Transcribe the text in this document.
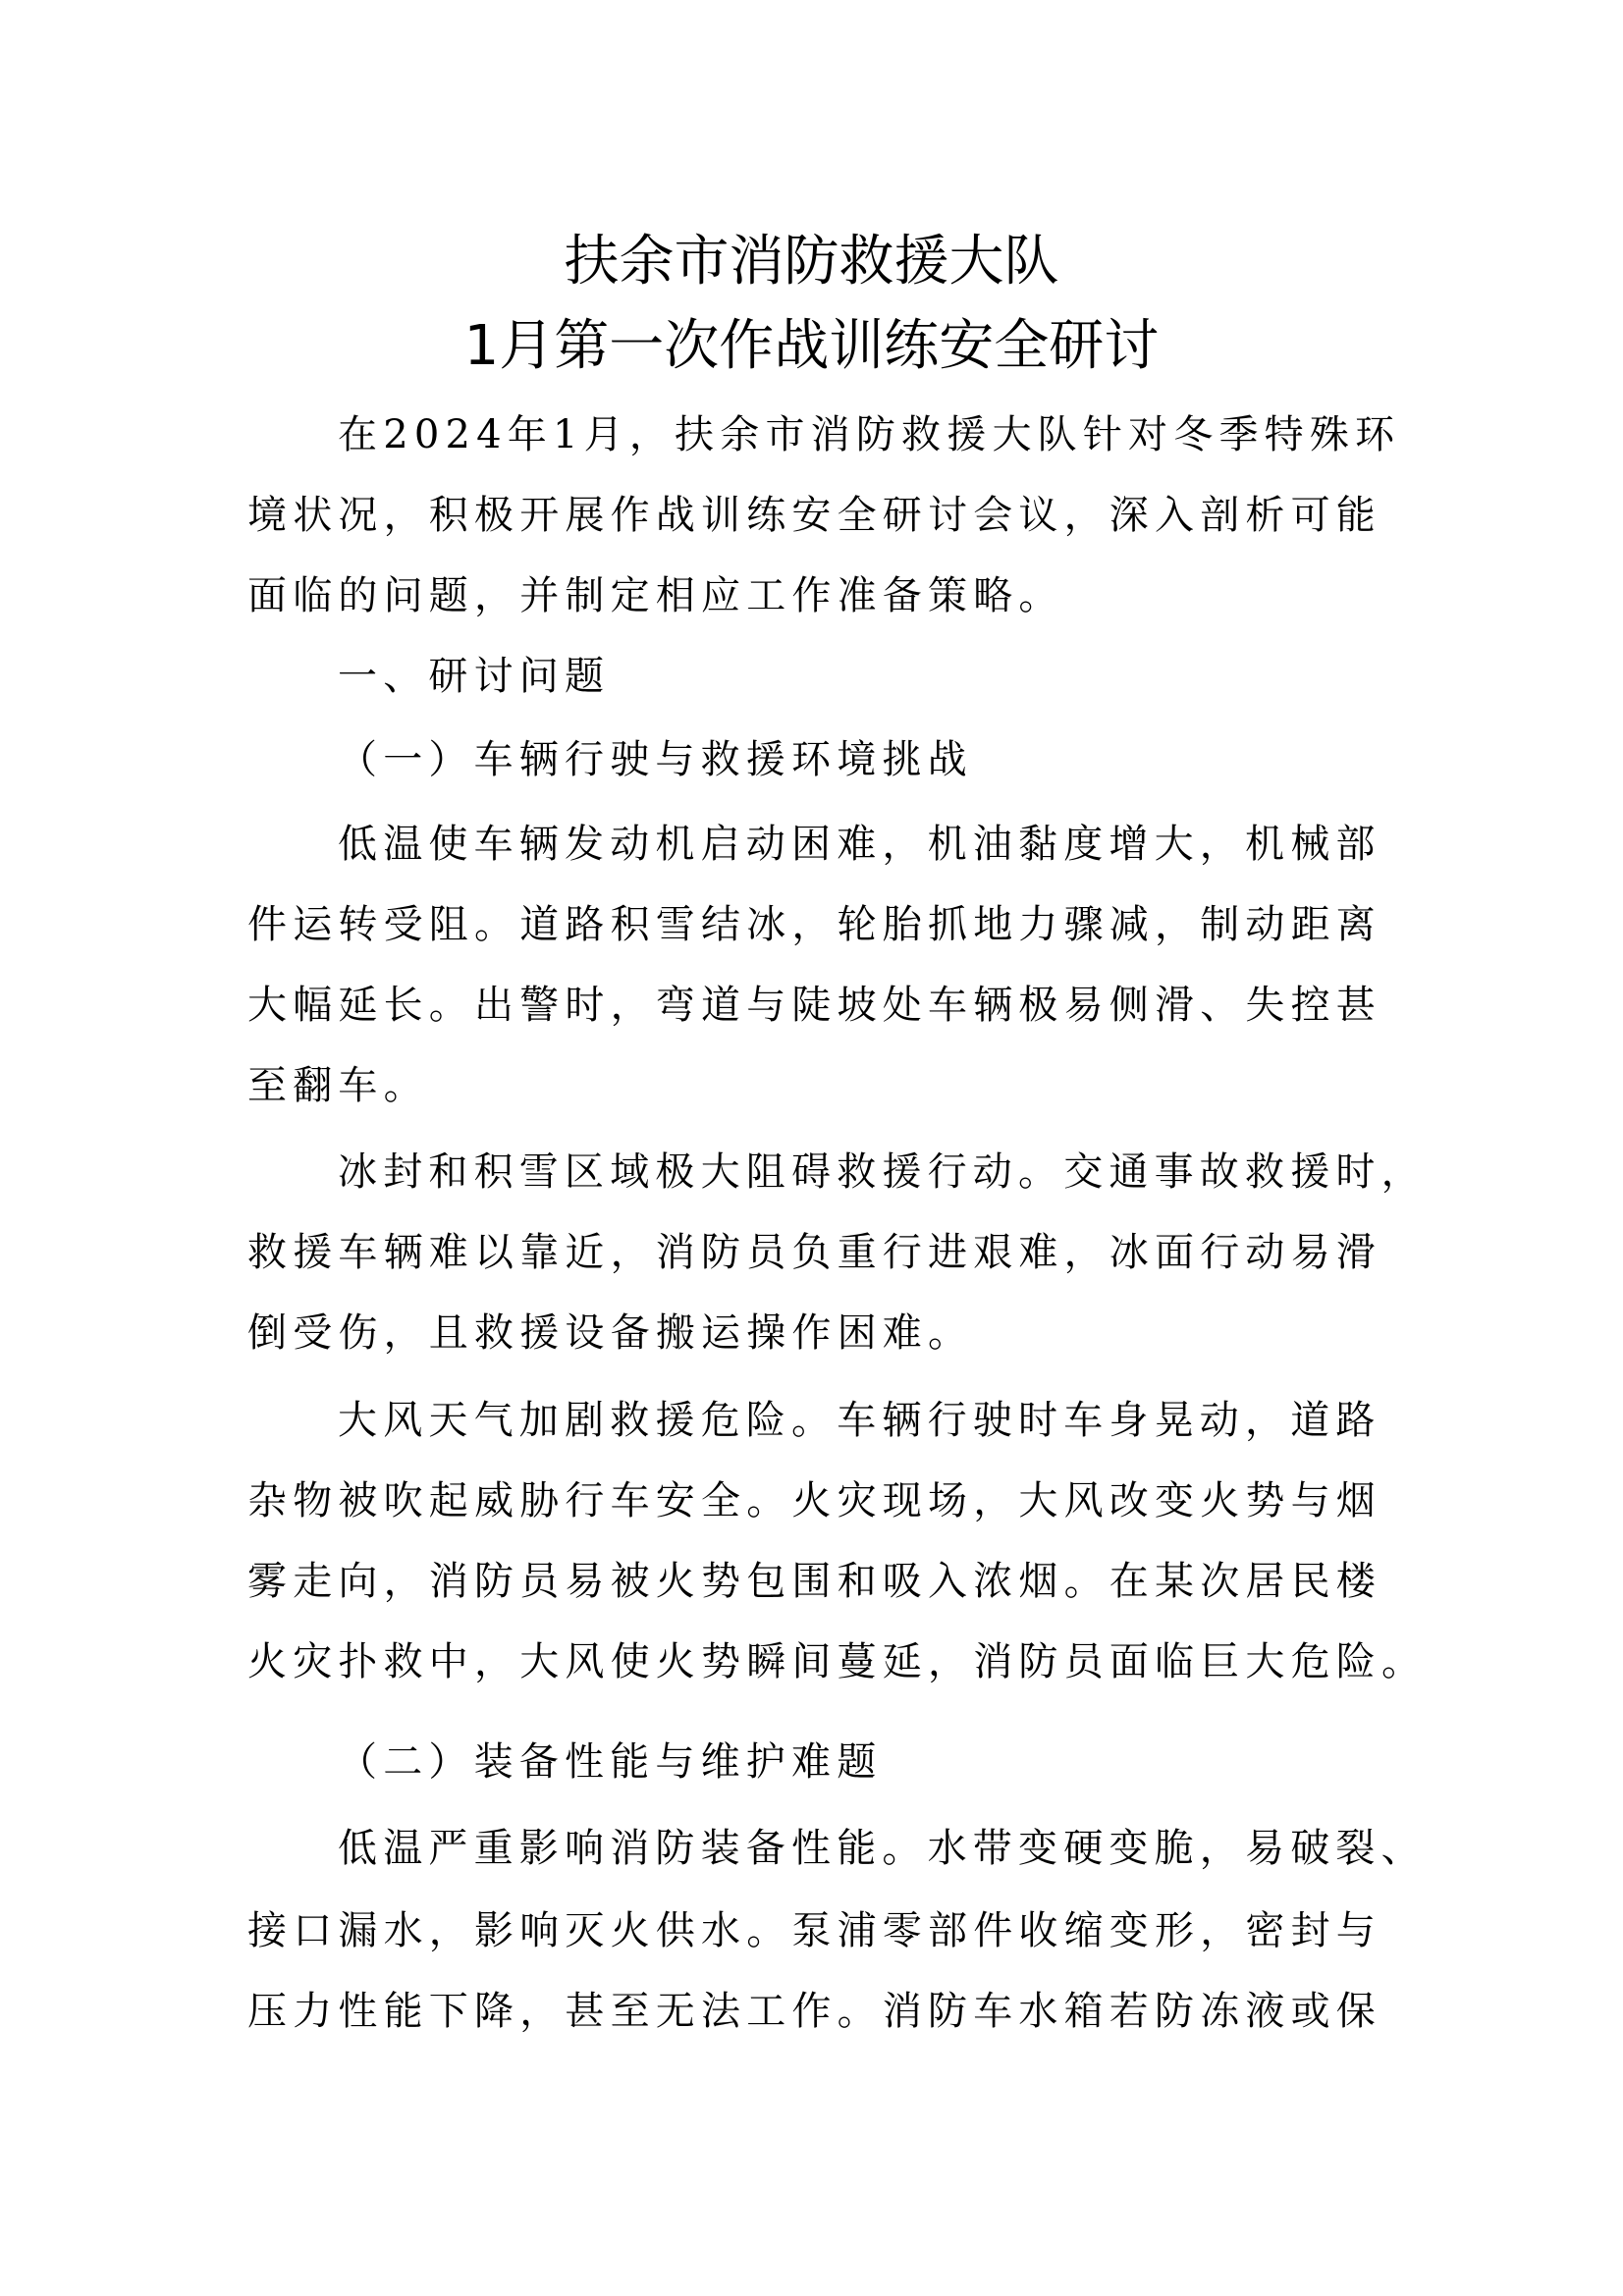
扶余市消防救援大队
1月第一次作战训练安全研讨
在2024年1月，扶余市消防救援大队针对冬季特殊环
境状况，积极开展作战训练安全研讨会议，深入剖析可能
面临的问题，并制定相应工作准备策略。
一、研讨问题
（一）车辆行驶与救援环境挑战
低温使车辆发动机启动困难，机油黏度增大，机械部
件运转受阻。道路积雪结冰，轮胎抓地力骤减，制动距离
大幅延长。出警时，弯道与陡坡处车辆极易侧滑、失控甚
至翻车。
冰封和积雪区域极大阻碍救援行动。交通事故救援时，
救援车辆难以靠近，消防员负重行进艰难，冰面行动易滑
倒受伤，且救援设备搬运操作困难。
大风天气加剧救援危险。车辆行驶时车身晃动，道路
杂物被吹起威胁行车安全。火灾现场，大风改变火势与烟
雾走向，消防员易被火势包围和吸入浓烟。在某次居民楼
火灾扑救中，大风使火势瞬间蔓延，消防员面临巨大危险。
（二）装备性能与维护难题
低温严重影响消防装备性能。水带变硬变脆，易破裂、
接口漏水，影响灭火供水。泵浦零部件收缩变形，密封与
压力性能下降，甚至无法工作。消防车水箱若防冻液或保
